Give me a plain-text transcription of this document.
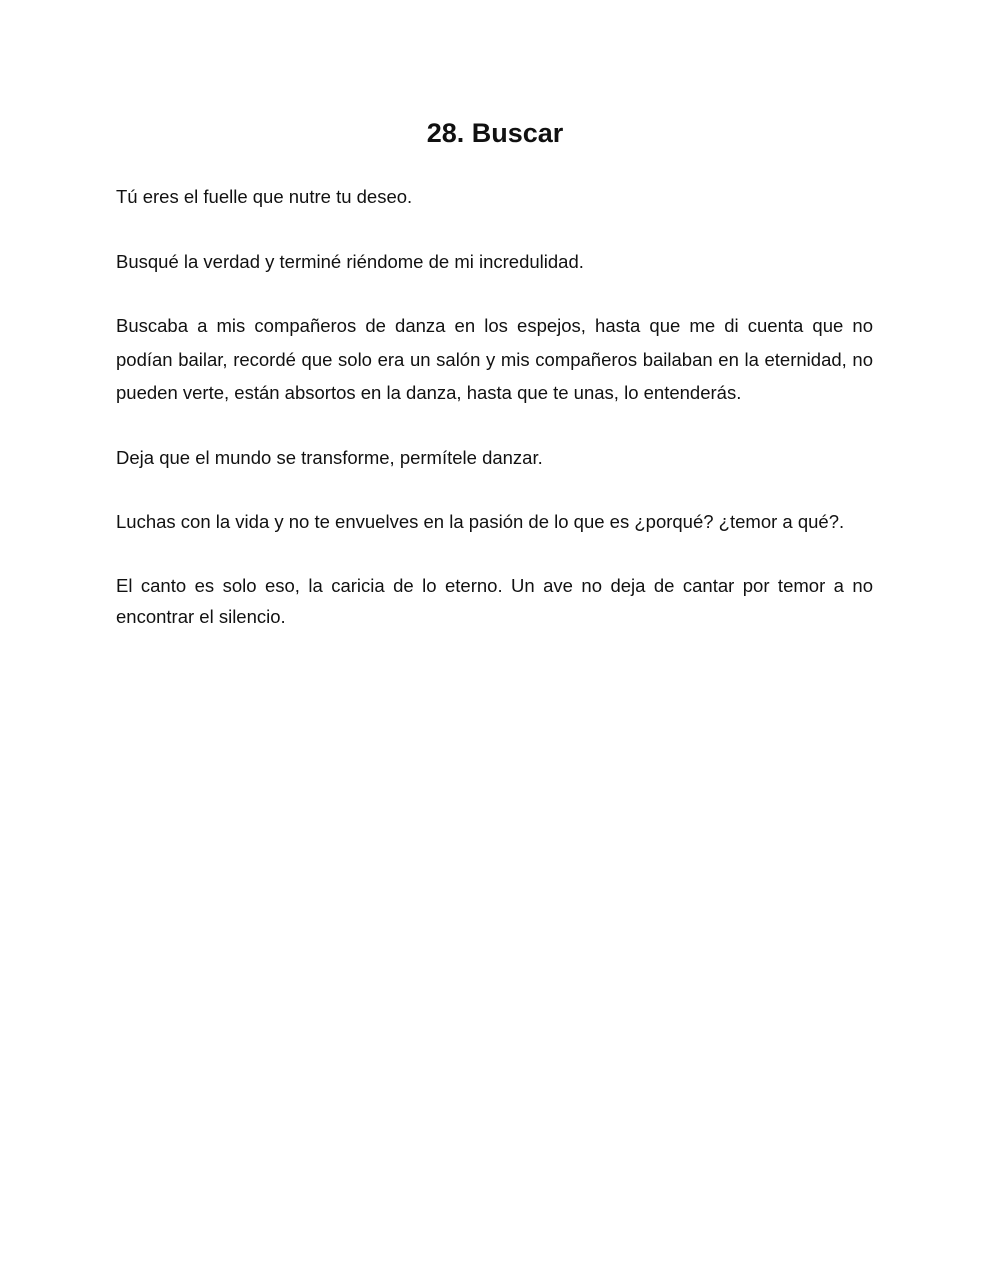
28. Buscar

Tú eres el fuelle que nutre tu deseo.

Busqué la verdad y terminé riéndome de mi incredulidad.

Buscaba a mis compañeros de danza en los espejos, hasta que me di cuenta que no podían bailar, recordé que solo era un salón y mis compañeros bailaban en la eternidad, no pueden verte, están absortos en la danza, hasta que te unas, lo entenderás.

Deja que el mundo se transforme, permítele danzar.

Luchas con la vida y no te envuelves en la pasión de lo que es ¿porqué? ¿temor a qué?.

El canto es solo eso, la caricia de lo eterno. Un ave no deja de cantar por temor a no encontrar el silencio.
